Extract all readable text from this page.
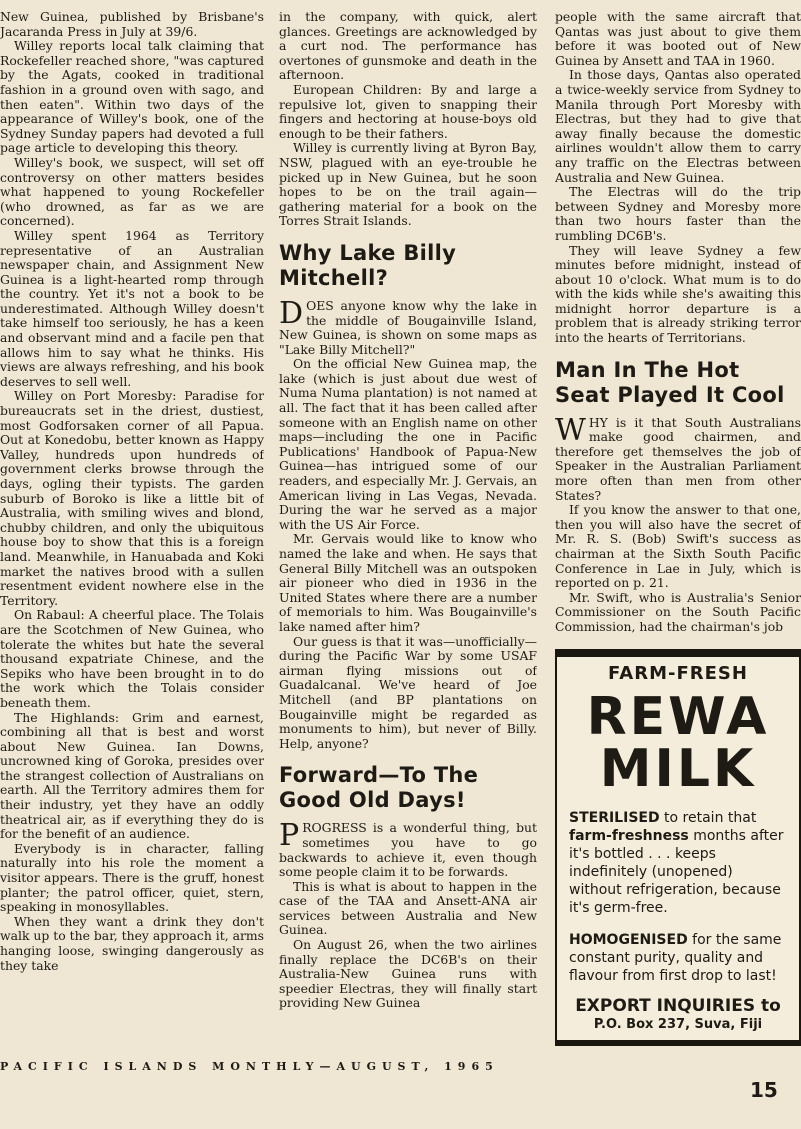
New Guinea, published by Brisbane's Jacaranda Press in July at 39/6.

Willey reports local talk claiming that Rockefeller reached shore, "was captured by the Agats, cooked in traditional fashion in a ground oven with sago, and then eaten". Within two days of the appearance of Willey's book, one of the Sydney Sunday papers had devoted a full page article to developing this theory.

Willey's book, we suspect, will set off controversy on other matters besides what happened to young Rockefeller (who drowned, as far as we are concerned).

Willey spent 1964 as Territory representative of an Australian newspaper chain, and Assignment New Guinea is a light-hearted romp through the country. Yet it's not a book to be underestimated. Although Willey doesn't take himself too seriously, he has a keen and observant mind and a facile pen that allows him to say what he thinks. His views are always refreshing, and his book deserves to sell well.

Willey on Port Moresby: Paradise for bureaucrats set in the driest, dustiest, most Godforsaken corner of all Papua. Out at Konedobu, better known as Happy Valley, hundreds upon hundreds of government clerks browse through the days, ogling their typists. The garden suburb of Boroko is like a little bit of Australia, with smiling wives and blond, chubby children, and only the ubiquitous house boy to show that this is a foreign land. Meanwhile, in Hanuabada and Koki market the natives brood with a sullen resentment evident nowhere else in the Territory.

On Rabaul: A cheerful place. The Tolais are the Scotchmen of New Guinea, who tolerate the whites but hate the several thousand expatriate Chinese, and the Sepiks who have been brought in to do the work which the Tolais consider beneath them.

The Highlands: Grim and earnest, combining all that is best and worst about New Guinea. Ian Downs, uncrowned king of Goroka, presides over the strangest collection of Australians on earth. All the Territory admires them for their industry, yet they have an oddly theatrical air, as if everything they do is for the benefit of an audience.

Everybody is in character, falling naturally into his role the moment a visitor appears. There is the gruff, honest planter; the patrol officer, quiet, stern, speaking in monosyllables.

When they want a drink they don't walk up to the bar, they approach it, arms hanging loose, swinging dangerously as they take

in the company, with quick, alert glances. Greetings are acknowledged by a curt nod. The performance has overtones of gunsmoke and death in the afternoon.

European Children: By and large a repulsive lot, given to snapping their fingers and hectoring at house-boys old enough to be their fathers.

Willey is currently living at Byron Bay, NSW, plagued with an eye-trouble he picked up in New Guinea, but he soon hopes to be on the trail again—gathering material for a book on the Torres Strait Islands.

Why Lake Billy Mitchell?

DOES anyone know why the lake in the middle of Bougainville Island, New Guinea, is shown on some maps as "Lake Billy Mitchell?"

On the official New Guinea map, the lake (which is just about due west of Numa Numa plantation) is not named at all. The fact that it has been called after someone with an English name on other maps—including the one in Pacific Publications' Handbook of Papua-New Guinea—has intrigued some of our readers, and especially Mr. J. Gervais, an American living in Las Vegas, Nevada. During the war he served as a major with the US Air Force.

Mr. Gervais would like to know who named the lake and when. He says that General Billy Mitchell was an outspoken air pioneer who died in 1936 in the United States where there are a number of memorials to him. Was Bougainville's lake named after him?

Our guess is that it was—unofficially—during the Pacific War by some USAF airman flying missions out of Guadalcanal. We've heard of Joe Mitchell (and BP plantations on Bougainville might be regarded as monuments to him), but never of Billy. Help, anyone?

Forward—To The Good Old Days!

PROGRESS is a wonderful thing, but sometimes you have to go backwards to achieve it, even though some people claim it to be forwards.

This is what is about to happen in the case of the TAA and Ansett-ANA air services between Australia and New Guinea.

On August 26, when the two airlines finally replace the DC6B's on their Australia-New Guinea runs with speedier Electras, they will finally start providing New Guinea

people with the same aircraft that Qantas was just about to give them before it was booted out of New Guinea by Ansett and TAA in 1960.

In those days, Qantas also operated a twice-weekly service from Sydney to Manila through Port Moresby with Electras, but they had to give that away finally because the domestic airlines wouldn't allow them to carry any traffic on the Electras between Australia and New Guinea.

The Electras will do the trip between Sydney and Moresby more than two hours faster than the rumbling DC6B's.

They will leave Sydney a few minutes before midnight, instead of about 10 o'clock. What mum is to do with the kids while she's awaiting this midnight horror departure is a problem that is already striking terror into the hearts of Territorians.

Man In The Hot Seat Played It Cool

WHY is it that South Australians make good chairmen, and therefore get themselves the job of Speaker in the Australian Parliament more often than men from other States?

If you know the answer to that one, then you will also have the secret of Mr. R. S. (Bob) Swift's success as chairman at the Sixth South Pacific Conference in Lae in July, which is reported on p. 21.

Mr. Swift, who is Australia's Senior Commissioner on the South Pacific Commission, had the chairman's job

FARM-FRESH
REWA
MILK
STERILISED to retain that farm-freshness months after it's bottled . . . keeps indefinitely (unopened) without refrigeration, because it's germ-free.
HOMOGENISED for the same constant purity, quality and flavour from first drop to last!
EXPORT INQUIRIES to
P.O. Box 237, Suva, Fiji
PACIFIC ISLANDS MONTHLY—AUGUST, 1965
15
